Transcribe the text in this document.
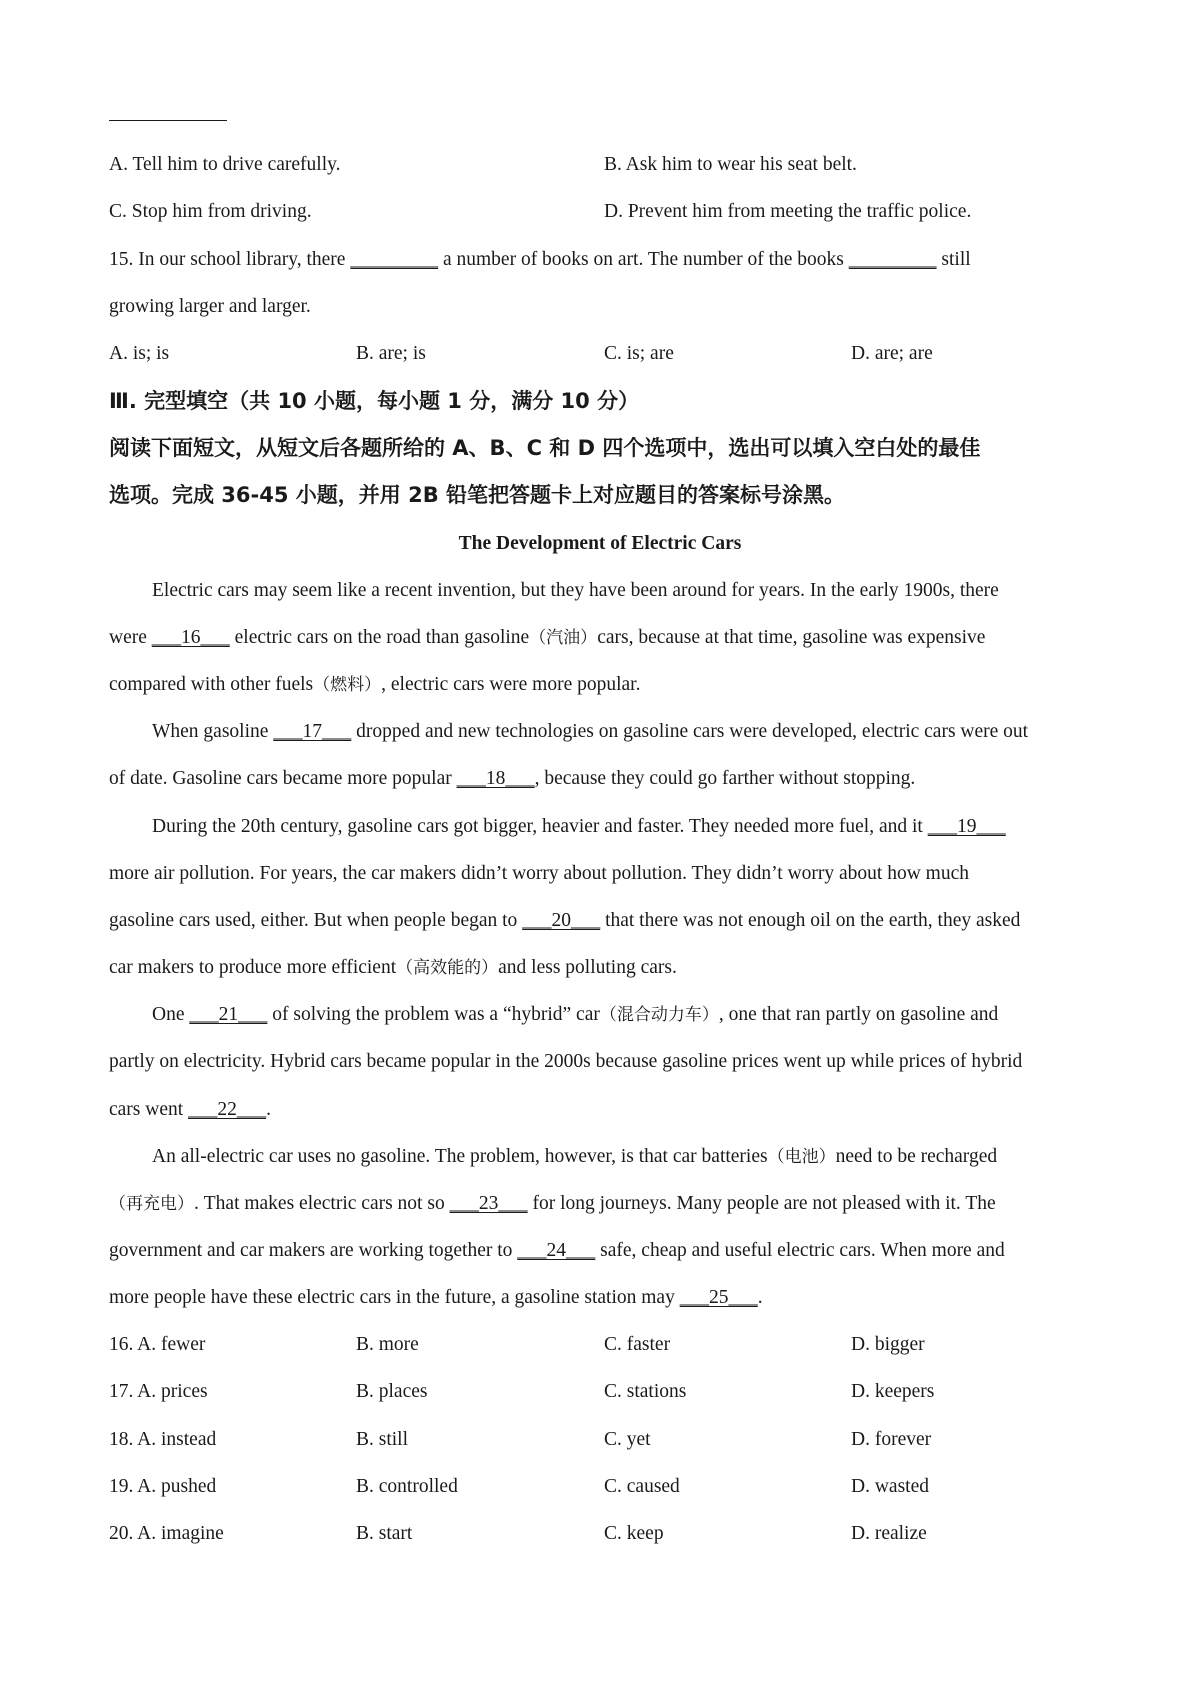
A. Tell him to drive carefully.	B. Ask him to wear his seat belt.
C. Stop him from driving.	D. Prevent him from meeting the traffic police.
15. In our school library, there _________ a number of books on art. The number of the books _________ still
growing larger and larger.
A. is; is	B. are; is	C. is; are	D. are; are
Ⅲ. 完型填空（共 10 小题，每小题 1 分，满分 10 分）
阅读下面短文，从短文后各题所给的 A、B、C 和 D 四个选项中，选出可以填入空白处的最佳
选项。完成 36-45 小题，并用 2B 铅笔把答题卡上对应题目的答案标号涂黑。
The Development of Electric Cars
Electric cars may seem like a recent invention, but they have been around for years. In the early 1900s, there
were ___16___ electric cars on the road than gasoline（汽油）cars, because at that time, gasoline was expensive
compared with other fuels（燃料）, electric cars were more popular.
When gasoline ___17___ dropped and new technologies on gasoline cars were developed, electric cars were out
of date. Gasoline cars became more popular ___18___, because they could go farther without stopping.
During the 20th century, gasoline cars got bigger, heavier and faster. They needed more fuel, and it ___19___
more air pollution. For years, the car makers didn’t worry about pollution. They didn’t worry about how much
gasoline cars used, either. But when people began to ___20___ that there was not enough oil on the earth, they asked
car makers to produce more efficient（高效能的）and less polluting cars.
One ___21___ of solving the problem was a “hybrid” car（混合动力车）, one that ran partly on gasoline and
partly on electricity. Hybrid cars became popular in the 2000s because gasoline prices went up while prices of hybrid
cars went ___22___.
An all-electric car uses no gasoline. The problem, however, is that car batteries（电池）need to be recharged
（再充电）. That makes electric cars not so ___23___ for long journeys. Many people are not pleased with it. The
government and car makers are working together to ___24___ safe, cheap and useful electric cars. When more and
more people have these electric cars in the future, a gasoline station may ___25___.
16. A. fewer	B. more	C. faster	D. bigger
17. A. prices	B. places	C. stations	D. keepers
18. A. instead	B. still	C. yet	D. forever
19. A. pushed	B. controlled	C. caused	D. wasted
20. A. imagine	B. start	C. keep	D. realize
